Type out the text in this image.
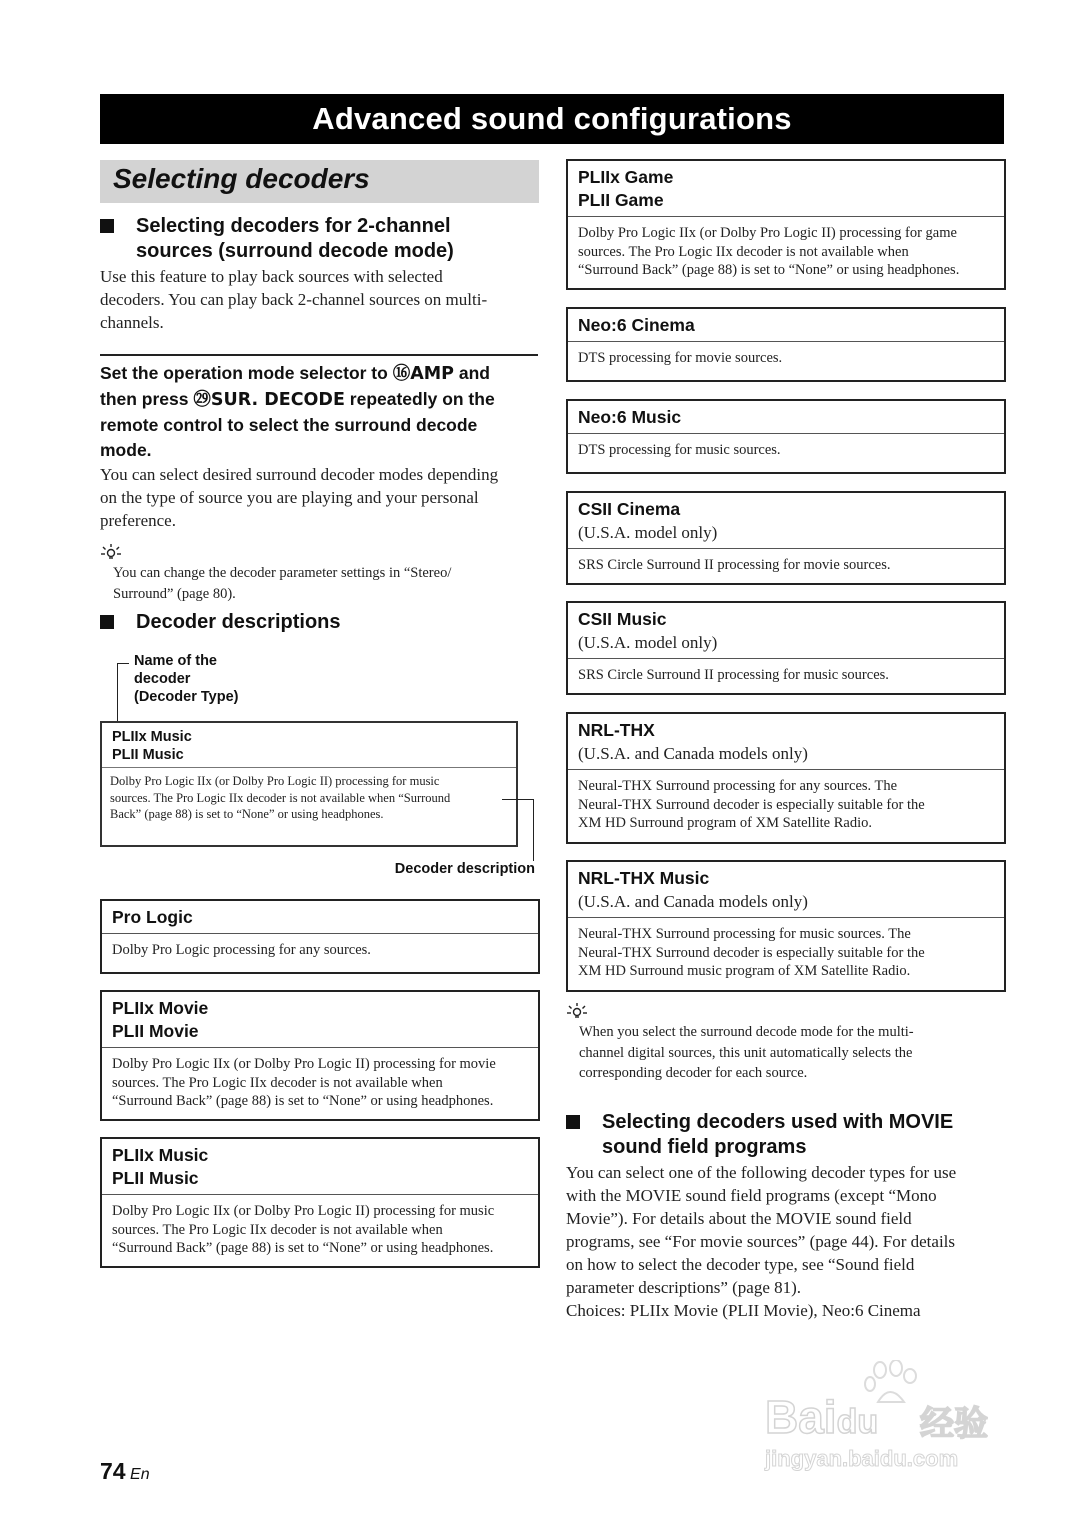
Advanced sound configurations
Selecting decoders
Selecting decoders for 2-channel
sources (surround decode mode)
Use this feature to play back sources with selected
decoders. You can play back 2-channel sources on multi-
channels.
Set the operation mode selector to ⑯AMP and
then press ㉙SUR. DECODE repeatedly on the
remote control to select the surround decode
mode.
You can select desired surround decoder modes depending
on the type of source you are playing and your personal
preference.
You can change the decoder parameter settings in “Stereo/
Surround” (page 80).
Decoder descriptions
Name of the
decoder
(Decoder Type)
PLIIx Music
PLII Music
Dolby Pro Logic IIx (or Dolby Pro Logic II) processing for music
sources. The Pro Logic IIx decoder is not available when “Surround
Back” (page 88) is set to “None” or using headphones.
Decoder description
Pro Logic
Dolby Pro Logic processing for any sources.
PLIIx Movie
PLII Movie
Dolby Pro Logic IIx (or Dolby Pro Logic II) processing for movie
sources. The Pro Logic IIx decoder is not available when
“Surround Back” (page 88) is set to “None” or using headphones.
PLIIx Music
PLII Music
Dolby Pro Logic IIx (or Dolby Pro Logic II) processing for music
sources. The Pro Logic IIx decoder is not available when
“Surround Back” (page 88) is set to “None” or using headphones.
PLIIx Game
PLII Game
Dolby Pro Logic IIx (or Dolby Pro Logic II) processing for game
sources. The Pro Logic IIx decoder is not available when
“Surround Back” (page 88) is set to “None” or using headphones.
Neo:6 Cinema
DTS processing for movie sources.
Neo:6 Music
DTS processing for music sources.
CSII Cinema
(U.S.A. model only)
SRS Circle Surround II processing for movie sources.
CSII Music
(U.S.A. model only)
SRS Circle Surround II processing for music sources.
NRL-THX
(U.S.A. and Canada models only)
Neural-THX Surround processing for any sources. The
Neural-THX Surround decoder is especially suitable for the
XM HD Surround program of XM Satellite Radio.
NRL-THX Music
(U.S.A. and Canada models only)
Neural-THX Surround processing for music sources. The
Neural-THX Surround decoder is especially suitable for the
XM HD Surround music program of XM Satellite Radio.
When you select the surround decode mode for the multi-
channel digital sources, this unit automatically selects the
corresponding decoder for each source.
Selecting decoders used with MOVIE
sound field programs
You can select one of the following decoder types for use
with the MOVIE sound field programs (except “Mono
Movie”). For details about the MOVIE sound field
programs, see “For movie sources” (page 44). For details
on how to select the decoder type, see “Sound field
parameter descriptions” (page 81).
Choices: PLIIx Movie (PLII Movie), Neo:6 Cinema
74 En
Baidu 经验
jingyan.baidu.com
